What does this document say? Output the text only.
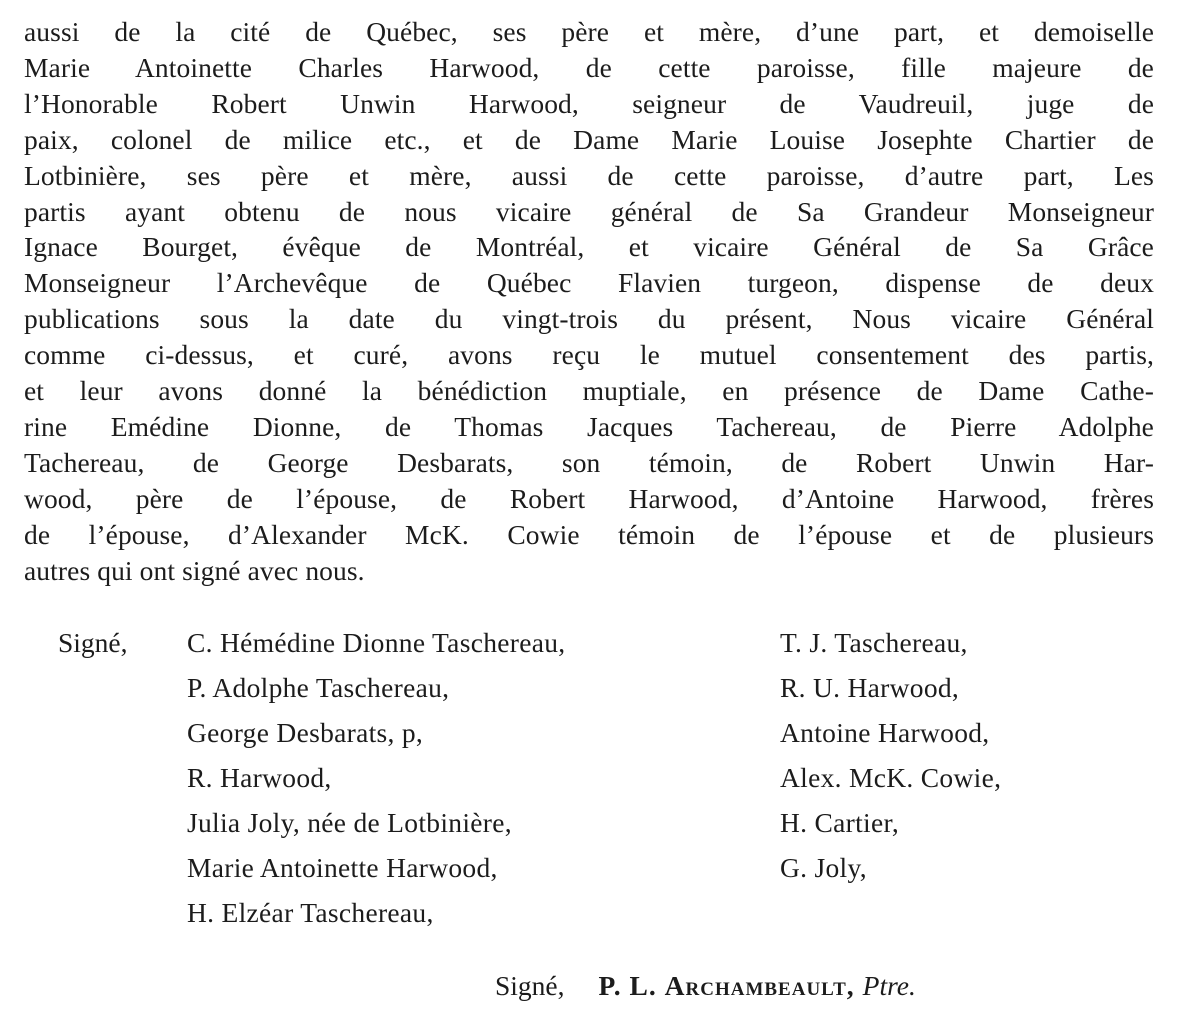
aussi de la cité de Québec, ses père et mère, d’une part, et demoiselle
Marie Antoinette Charles Harwood, de cette paroisse, fille majeure de
l’Honorable Robert Unwin Harwood, seigneur de Vaudreuil, juge de
paix, colonel de milice etc., et de Dame Marie Louise Josephte Chartier de
Lotbinière, ses père et mère, aussi de cette paroisse, d’autre part, Les
partis ayant obtenu de nous vicaire général de Sa Grandeur Monseigneur
Ignace Bourget, évêque de Montréal, et vicaire Général de Sa Grâce
Monseigneur l’Archevêque de Québec Flavien turgeon, dispense de deux
publications sous la date du vingt-trois du présent, Nous vicaire Général
comme ci-dessus, et curé, avons reçu le mutuel consentement des partis,
et leur avons donné la bénédiction muptiale, en présence de Dame Cathe-
rine Emédine Dionne, de Thomas Jacques Tachereau, de Pierre Adolphe
Tachereau, de George Desbarats, son témoin, de Robert Unwin Har-
wood, père de l’épouse, de Robert Harwood, d’Antoine Harwood, frères
de l’épouse, d’Alexander McK. Cowie témoin de l’épouse et de plusieurs
autres qui ont signé avec nous.

Signé, C. Hémédine Dionne Taschereau,
P. Adolphe Taschereau,
George Desbarats, p,
R. Harwood,
Julia Joly, née de Lotbinière,
Marie Antoinette Harwood,
H. Elzéar Taschereau,
T. J. Taschereau,
R. U. Harwood,
Antoine Harwood,
Alex. McK. Cowie,
H. Cartier,
G. Joly,
Signé, P. L. Archambeault, Ptre.
